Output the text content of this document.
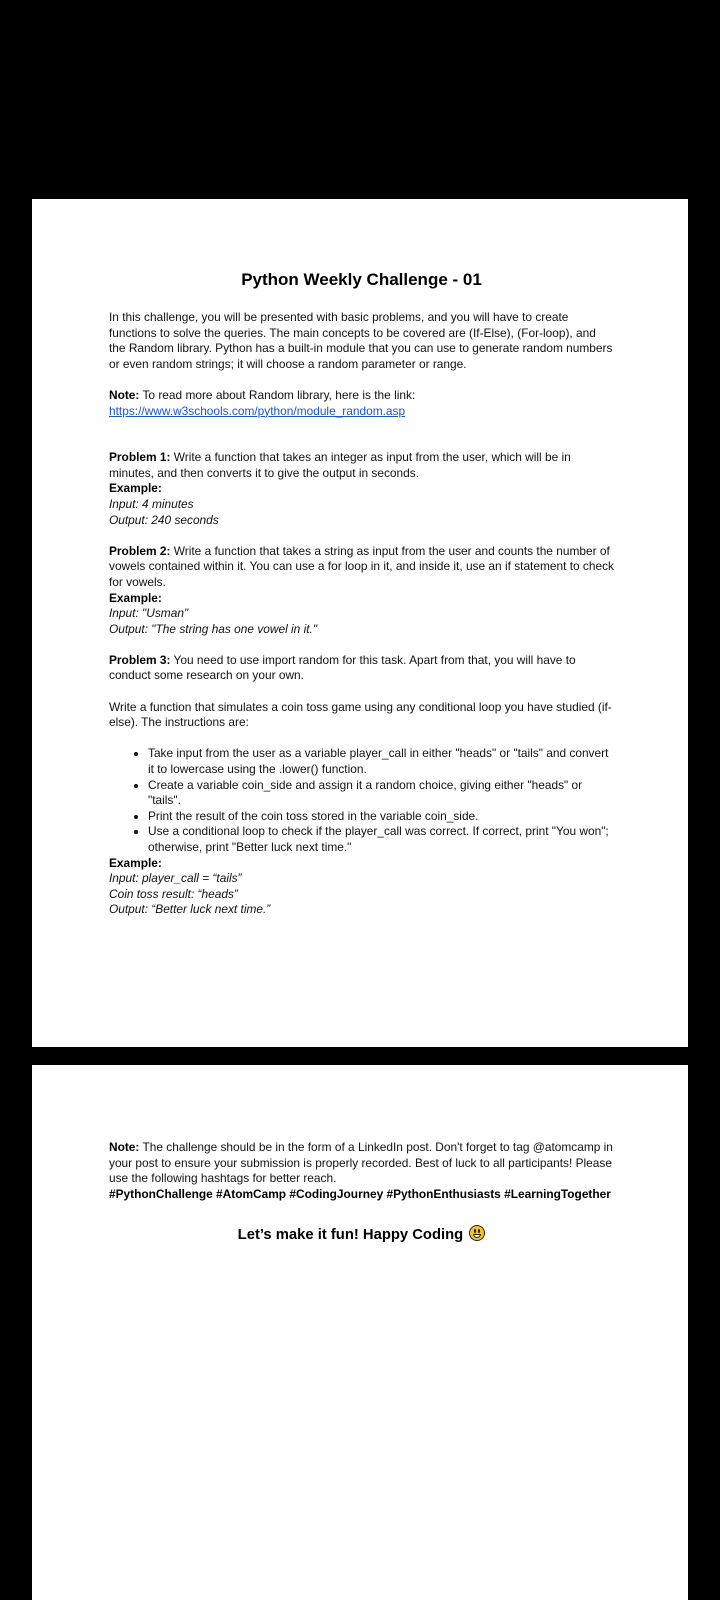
Python Weekly Challenge - 01

In this challenge, you will be presented with basic problems, and you will have to create functions to solve the queries. The main concepts to be covered are (If-Else), (For-loop), and the Random library. Python has a built-in module that you can use to generate random numbers or even random strings; it will choose a random parameter or range.

Note: To read more about Random library, here is the link:

https://www.w3schools.com/python/module_random.asp

Problem 1: Write a function that takes an integer as input from the user, which will be in minutes, and then converts it to give the output in seconds.

Example:

Input: 4 minutes

Output: 240 seconds

Problem 2: Write a function that takes a string as input from the user and counts the number of vowels contained within it. You can use a for loop in it, and inside it, use an if statement to check for vowels.

Example:

Input: "Usman"

Output: "The string has one vowel in it."

Problem 3: You need to use import random for this task. Apart from that, you will have to conduct some research on your own.

Write a function that simulates a coin toss game using any conditional loop you have studied (if-else). The instructions are:

• Take input from the user as a variable player_call in either "heads" or "tails" and convert it to lowercase using the .lower() function.
• Create a variable coin_side and assign it a random choice, giving either "heads" or "tails".
• Print the result of the coin toss stored in the variable coin_side.
• Use a conditional loop to check if the player_call was correct. If correct, print "You won"; otherwise, print "Better luck next time."

Example:

Input: player_call = “tails”

Coin toss result: “heads”

Output: “Better luck next time.”

Note: The challenge should be in the form of a LinkedIn post. Don't forget to tag @atomcamp in your post to ensure your submission is properly recorded. Best of luck to all participants! Please use the following hashtags for better reach.

#PythonChallenge #AtomCamp #CodingJourney #PythonEnthusiasts #LearningTogether

Let’s make it fun! Happy Coding
